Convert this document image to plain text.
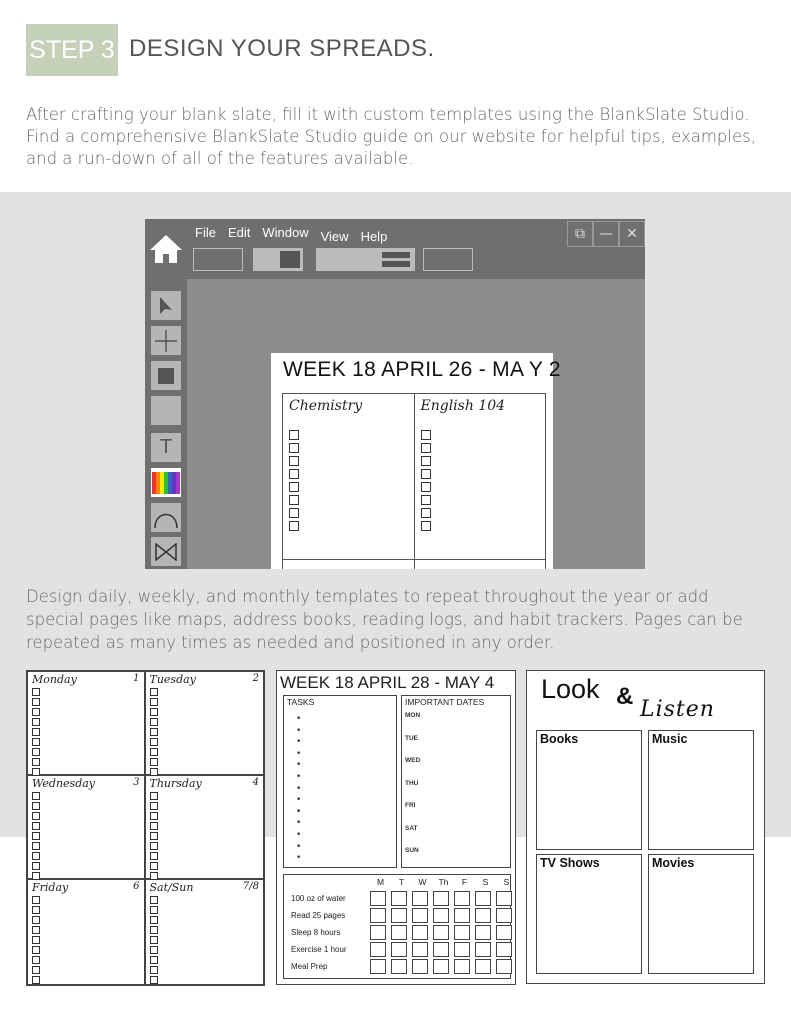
STEP 3 DESIGN YOUR SPREADS.

After crafting your blank slate, fill it with custom templates using the BlankSlate Studio. Find a comprehensive BlankSlate Studio guide on our website for helpful tips, examples, and a run-down of all of the features available.

T
File Edit Window View Help	⧉	— ✕
WEEK 18 APRIL 26 - MA Y 2
Chemistry	English 104

Design daily, weekly, and monthly templates to repeat throughout the year or add special pages like maps, address books, reading logs, and habit trackers. Pages can be repeated as many times as needed and positioned in any order.

Monday	1 Tuesday	2
Wednesday	3 Thursday	4
Friday	6 Sat/Sun	7/8
WEEK 18 APRIL 28 - MAY 4
TASKS
•
•
•
•
•
•
•
•
•
•
•
•
•
IMPORTANT DATES
MON
TUE
WED
THU
FRI
SAT
SUN
M	T	W	Th	F	S	S
100 oz of water
Read 25 pages
Sleep 8 hours
Exercise 1 hour
Meal Prep
Look & Listen
Books	Music
TV Shows	Movies
